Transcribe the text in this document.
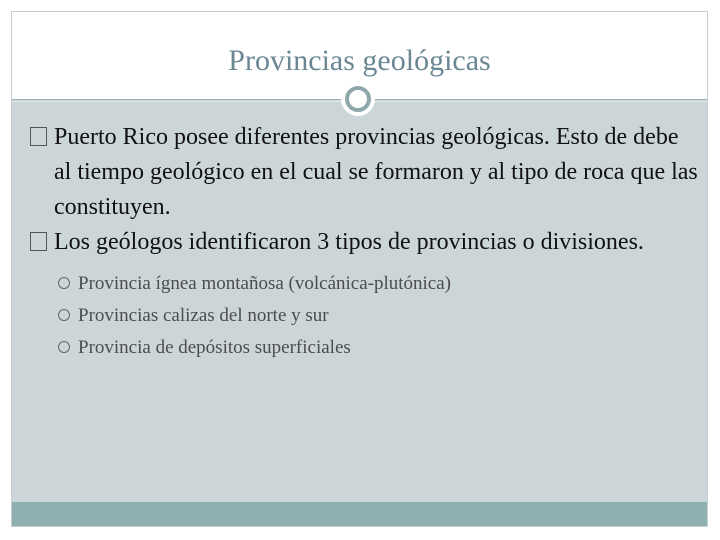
Provincias geológicas
Puerto Rico posee diferentes provincias geológicas. Esto de debe al tiempo geológico en el cual se formaron y al tipo de roca que las constituyen.
Los geólogos identificaron 3 tipos de provincias o divisiones.
Provincia ígnea montañosa (volcánica-plutónica)
Provincias calizas del norte y sur
Provincia de depósitos superficiales
